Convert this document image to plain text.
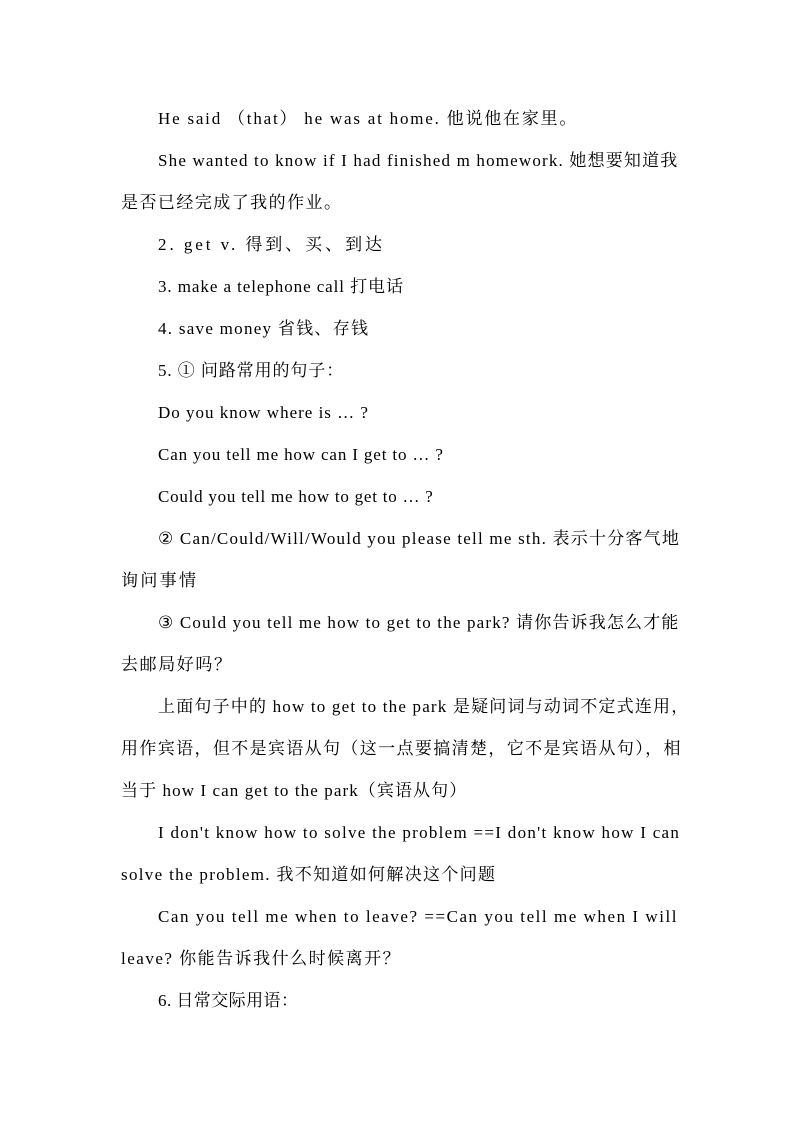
He said （that） he was at home. 他说他在家里。
She wanted to know if I had finished m homework. 她想要知道我
是否已经完成了我的作业。
2. get v. 得到、买、到达
3. make a telephone call 打电话
4. save money 省钱、存钱
5. ① 问路常用的句子：
Do you know where is … ?
Can you tell me how can I get to … ?
Could you tell me how to get to … ?
② Can/Could/Will/Would you please tell me sth. 表示十分客气地
询问事情
③ Could you tell me how to get to the park? 请你告诉我怎么才能
去邮局好吗？
上面句子中的 how to get to the park 是疑问词与动词不定式连用，
用作宾语，但不是宾语从句（这一点要搞清楚，它不是宾语从句），相
当于 how I can get to the park（宾语从句）
I don't know how to solve the problem ==I don't know how I can
solve the problem. 我不知道如何解决这个问题
Can you tell me when to leave? ==Can you tell me when I will
leave? 你能告诉我什么时候离开？
6. 日常交际用语：
